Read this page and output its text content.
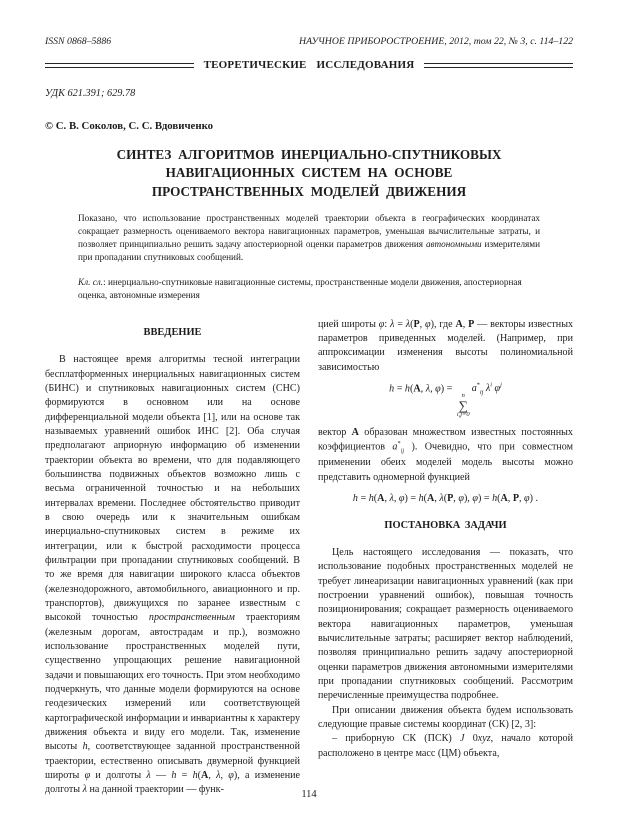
ISSN 0868–5886	НАУЧНОЕ ПРИБОРОСТРОЕНИЕ, 2012, том 22, № 3, с. 114–122
ТЕОРЕТИЧЕСКИЕ ИССЛЕДОВАНИЯ
УДК 621.391; 629.78
© С. В. Соколов, С. С. Вдовиченко
СИНТЕЗ АЛГОРИТМОВ ИНЕРЦИАЛЬНО-СПУТНИКОВЫХ
НАВИГАЦИОННЫХ СИСТЕМ НА ОСНОВЕ
ПРОСТРАНСТВЕННЫХ МОДЕЛЕЙ ДВИЖЕНИЯ
Показано, что использование пространственных моделей траектории объекта в географических координатах сокращает размерность оцениваемого вектора навигационных параметров, уменьшая вычислительные затраты, и позволяет принципиально решить задачу апостериорной оценки параметров движения автономными измерителями при пропадании спутниковых сообщений.
Кл. сл.: инерциально-спутниковые навигационные системы, пространственные модели движения, апостериорная оценка, автономные измерения
ВВЕДЕНИЕ

В настоящее время алгоритмы тесной интеграции бесплатформенных инерциальных навигационных систем (БИНС) и спутниковых навигационных систем (СНС) формируются в основном или на основе дифференциальной модели объекта [1], или на основе так называемых уравнений ошибок ИНС [2]. Оба случая предполагают априорную информацию об изменении траектории объекта во времени, что для подавляющего большинства подвижных объектов возможно лишь с весьма ограниченной точностью и на небольших интервалах времени. Последнее обстоятельство приводит в свою очередь или к значительным ошибкам инерциально-спутниковых систем в режиме их интеграции, или к быстрой расходимости процесса фильтрации при пропадании спутниковых сообщений. В то же время для навигации широкого класса объектов (железнодорожного, автомобильного, авиационного и пр. транспортов), движущихся по заранее известным с высокой точностью пространственным траекториям (железным дорогам, автострадам и пр.), возможно использование пространственных моделей пути, существенно упрощающих решение навигационной задачи и повышающих его точность. При этом необходимо подчеркнуть, что данные модели формируются на основе геодезических измерений или соответствующей картографической информации и инвариантны к характеру движения объекта и виду его модели. Так, изменение высоты h, соответствующее заданной пространственной траектории, естественно описывать двумерной функцией широты φ и долготы λ — h = h(A, λ, φ), а изменение долготы λ на данной траектории — функ-

цией широты φ: λ = λ(P, φ), где A, P — векторы известных параметров приведенных моделей. (Например, при аппроксимации изменения высоты полиномиальной зависимостью

h = h(A, λ, φ) =
n
∑
i,j=0
$a^*_{ij}$ $\lambda^i$ $\varphi^j$

вектор A образован множеством известных постоянных коэффициентов $a^*_{ij}$ ). Очевидно, что при совместном применении обеих моделей модель высоты можно представить одномерной функцией

h = h(A, λ, φ) = h(A, λ(P, φ), φ) = h(A, P, φ) .
ПОСТАНОВКА ЗАДАЧИ

Цель настоящего исследования — показать, что использование подобных пространственных моделей не требует линеаризации навигационных уравнений (как при построении уравнений ошибок), повышая точность позиционирования; сокращает размерность оцениваемого вектора навигационных параметров, уменьшая вычислительные затраты; расширяет вектор наблюдений, позволяя принципиально решить задачу апостериорной оценки параметров движения автономными измерителями при пропадании спутниковых сообщений. Рассмотрим перечисленные преимущества подробнее.

При описании движения объекта будем использовать следующие правые системы координат (СК) [2, 3]:

– приборную СК (ПСК) J 0xyz, начало которой расположено в центре масс (ЦМ) объекта,

114
